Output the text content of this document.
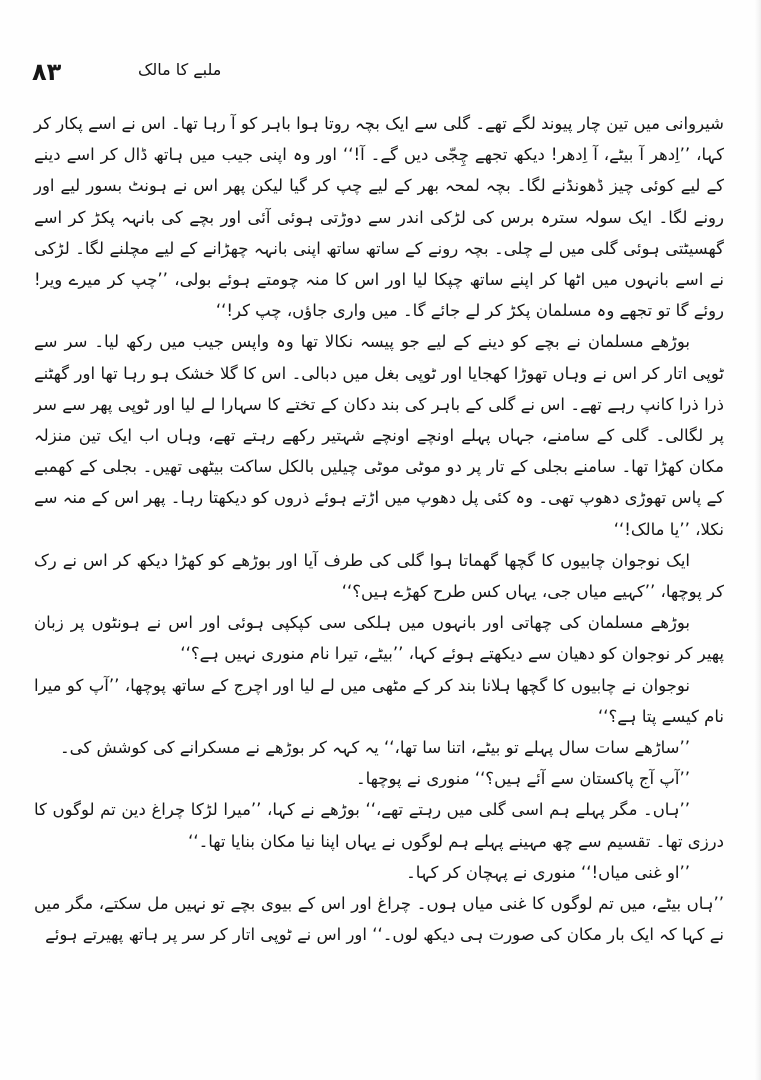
۸۳	ملبے کا مالک

شیروانی میں تین چار پیوند لگے تھے۔ گلی سے ایک بچہ روتا ہوا باہر کو آ رہا تھا۔ اس نے اسے پکار کر کہا، ’’اِدھر آ بیٹے، آ اِدھر! دیکھ تجھے چِجّی دیں گے۔ آ!‘‘ اور وہ اپنی جیب میں ہاتھ ڈال کر اسے دینے کے لیے کوئی چیز ڈھونڈنے لگا۔ بچہ لمحہ بھر کے لیے چپ کر گیا لیکن پھر اس نے ہونٹ بسور لیے اور رونے لگا۔ ایک سولہ سترہ برس کی لڑکی اندر سے دوڑتی ہوئی آئی اور بچے کی بانہہ پکڑ کر اسے گھسیٹتی ہوئی گلی میں لے چلی۔ بچہ رونے کے ساتھ ساتھ اپنی بانہہ چھڑانے کے لیے مچلنے لگا۔ لڑکی نے اسے بانہوں میں اٹھا کر اپنے ساتھ چپکا لیا اور اس کا منہ چومتے ہوئے بولی، ’’چپ کر میرے ویر! روئے گا تو تجھے وہ مسلمان پکڑ کر لے جائے گا۔ میں واری جاؤں، چپ کر!‘‘

بوڑھے مسلمان نے بچے کو دینے کے لیے جو پیسہ نکالا تھا وہ واپس جیب میں رکھ لیا۔ سر سے ٹوپی اتار کر اس نے وہاں تھوڑا کھجایا اور ٹوپی بغل میں دبالی۔ اس کا گلا خشک ہو رہا تھا اور گھٹنے ذرا ذرا کانپ رہے تھے۔ اس نے گلی کے باہر کی بند دکان کے تختے کا سہارا لے لیا اور ٹوپی پھر سے سر پر لگالی۔ گلی کے سامنے، جہاں پہلے اونچے اونچے شہتیر رکھے رہتے تھے، وہاں اب ایک تین منزلہ مکان کھڑا تھا۔ سامنے بجلی کے تار پر دو موٹی موٹی چیلیں بالکل ساکت بیٹھی تھیں۔ بجلی کے کھمبے کے پاس تھوڑی دھوپ تھی۔ وہ کئی پل دھوپ میں اڑتے ہوئے ذروں کو دیکھتا رہا۔ پھر اس کے منہ سے نکلا، ’’یا مالک!‘‘

ایک نوجوان چابیوں کا گچھا گھماتا ہوا گلی کی طرف آیا اور بوڑھے کو کھڑا دیکھ کر اس نے رک کر پوچھا، ’’کہیے میاں جی، یہاں کس طرح کھڑے ہیں؟‘‘

بوڑھے مسلمان کی چھاتی اور بانہوں میں ہلکی سی کپکپی ہوئی اور اس نے ہونٹوں پر زبان پھیر کر نوجوان کو دھیان سے دیکھتے ہوئے کہا، ’’بیٹے، تیرا نام منوری نہیں ہے؟‘‘

نوجوان نے چابیوں کا گچھا ہلانا بند کر کے مٹھی میں لے لیا اور اچرج کے ساتھ پوچھا، ’’آپ کو میرا نام کیسے پتا ہے؟‘‘

’’ساڑھے سات سال پہلے تو بیٹے، اتنا سا تھا،‘‘ یہ کہہ کر بوڑھے نے مسکرانے کی کوشش کی۔

’’آپ آج پاکستان سے آئے ہیں؟‘‘ منوری نے پوچھا۔

’’ہاں۔ مگر پہلے ہم اسی گلی میں رہتے تھے،‘‘ بوڑھے نے کہا، ’’میرا لڑکا چراغ دین تم لوگوں کا درزی تھا۔ تقسیم سے چھ مہینے پہلے ہم لوگوں نے یہاں اپنا نیا مکان بنایا تھا۔‘‘

’’او غنی میاں!‘‘ منوری نے پہچان کر کہا۔

’’ہاں بیٹے، میں تم لوگوں کا غنی میاں ہوں۔ چراغ اور اس کے بیوی بچے تو نہیں مل سکتے، مگر میں نے کہا کہ ایک بار مکان کی صورت ہی دیکھ لوں۔‘‘ اور اس نے ٹوپی اتار کر سر پر ہاتھ پھیرتے ہوئے
